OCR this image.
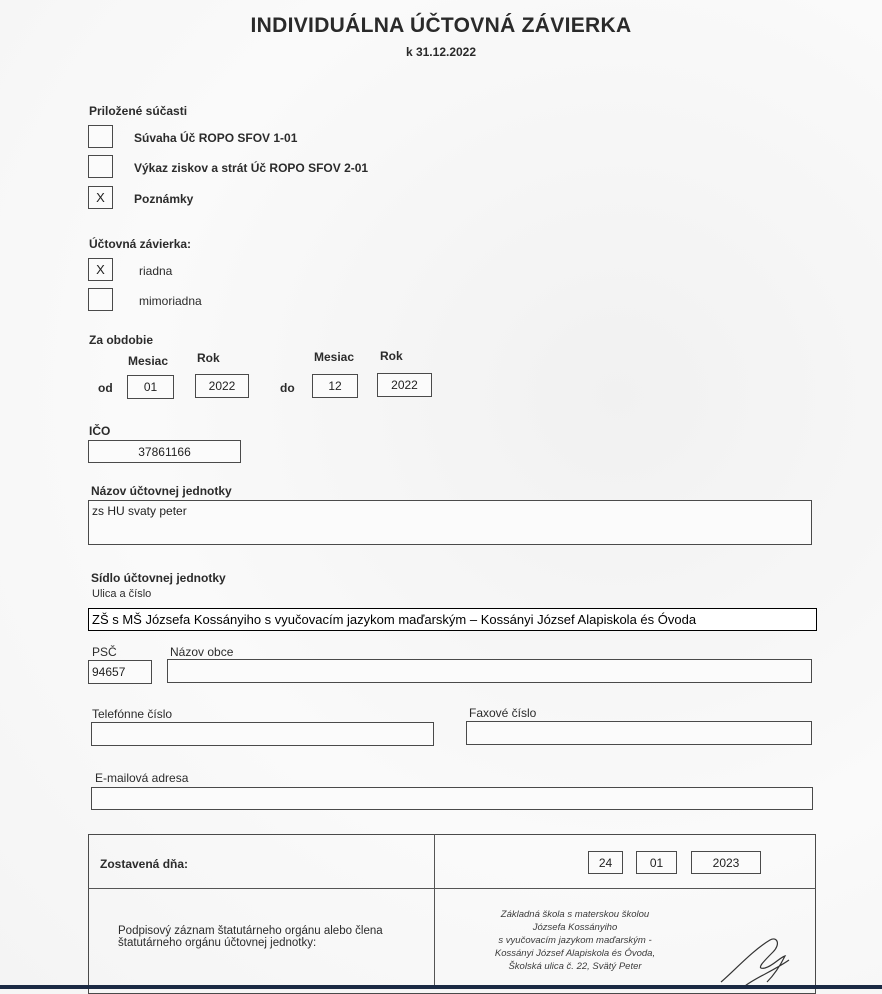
INDIVIDUÁLNA ÚČTOVNÁ ZÁVIERKA
k 31.12.2022
Priložené súčasti
Súvaha Úč ROPO SFOV 1-01
Výkaz ziskov a strát Úč ROPO SFOV 2-01
X	Poznámky
Účtovná závierka:
X	riadna
mimoriadna
Za obdobie
Mesiac Rok	Mesiac Rok
od	01	2022	do	12	2022
IČO
37861166
Názov účtovnej jednotky
zs HU svaty peter
Sídlo účtovnej jednotky
Ulica a číslo
ZŠ s MŠ Józsefa Kossányiho s vyučovacím jazykom maďarským – Kossányi József Alapiskola és Óvoda
PSČ
94657
Názov obce
Telefónne číslo	Faxové číslo
E-mailová adresa
Zostavená dňa:	24	01	2023
Podpisový záznam štatutárneho orgánu alebo člena štatutárneho orgánu účtovnej jednotky:
Základná škola s materskou školou
Józsefa Kossányiho
s vyučovacím jazykom maďarským -
Kossányi József Alapiskola és Óvoda,
Školská ulica č. 22, Svätý Peter
